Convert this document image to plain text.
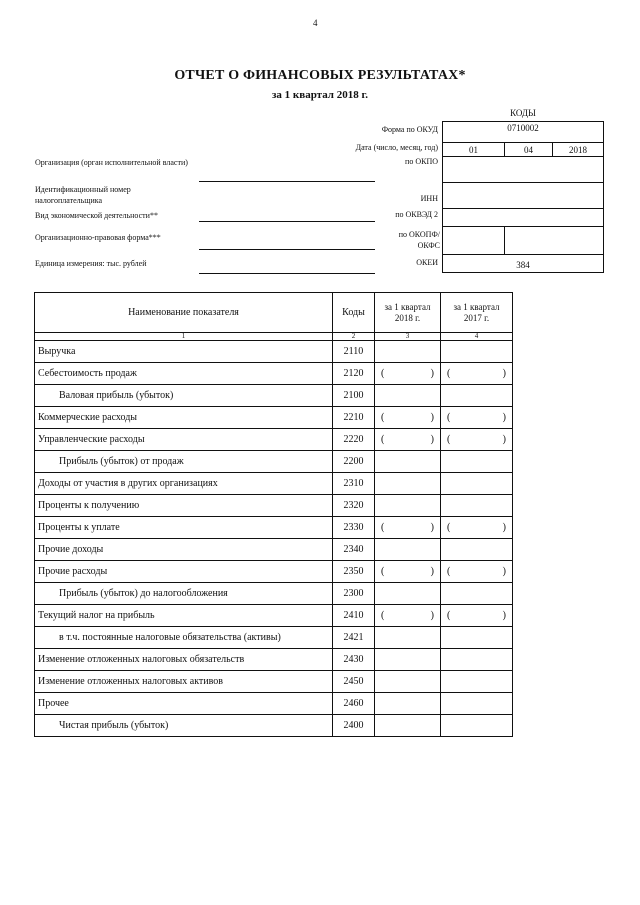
4
ОТЧЕТ О ФИНАНСОВЫХ РЕЗУЛЬТАТАХ*
за 1 квартал 2018 г.
КОДЫ
Форма по ОКУД	0710002
Дата (число, месяц, год)	01	04	2018
Организация (орган исполнительной власти)	по ОКПО
Идентификационный номер налогоплательщика	ИНН
Вид экономической деятельности**	по ОКВЭД 2
Организационно-правовая форма***	по ОКОПФ/ ОКФС
Единица измерения: тыс. рублей	ОКЕИ	384
Наименование показателя	Коды	за 1 квартал 2018 г.	за 1 квартал 2017 г.
1	2	3	4
Выручка	2110		
Себестоимость продаж	2120	( )	( )

Валовая прибыль (убыток)	2100		
Коммерческие расходы	2210	( )	( )

Управленческие расходы	2220	( )	( )

Прибыль (убыток) от продаж	2200		
Доходы от участия в других организациях	2310		
Проценты к получению	2320		
Проценты к уплате	2330	( )	( )

Прочие доходы	2340		
Прочие расходы	2350	( )	( )

Прибыль (убыток) до налогообложения	2300		
Текущий налог на прибыль	2410	( )	( )

в т.ч. постоянные налоговые обязательства (активы)	2421		
Изменение отложенных налоговых обязательств	2430		
Изменение отложенных налоговых активов	2450		
Прочее	2460		
Чистая прибыль (убыток)	2400		
